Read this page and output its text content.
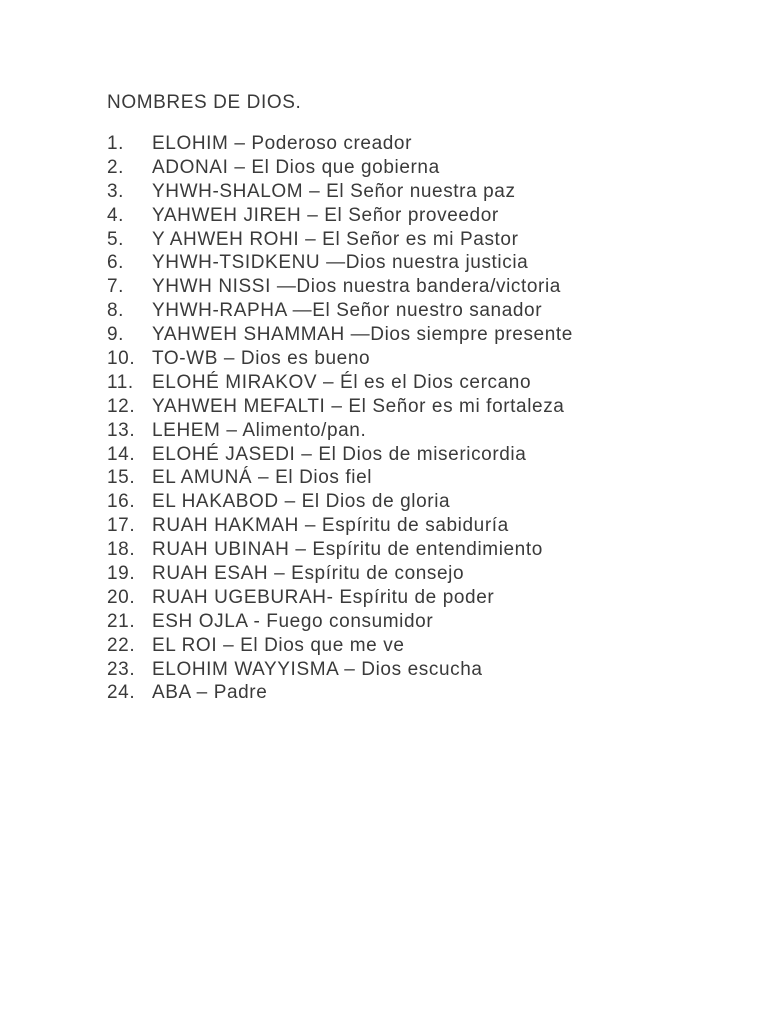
NOMBRES DE DIOS.
1.	ELOHIM – Poderoso creador
2.	ADONAI – El Dios que gobierna
3.	YHWH-SHALOM – El Señor nuestra paz
4.	YAHWEH JIREH – El Señor proveedor
5.	Y AHWEH ROHI – El Señor es mi Pastor
6.	YHWH-TSIDKENU —Dios nuestra justicia
7.	YHWH NISSI —Dios nuestra bandera/victoria
8.	YHWH-RAPHA —El Señor nuestro sanador
9.	YAHWEH SHAMMAH —Dios siempre presente
10. TO-WB – Dios es bueno
11. ELOHÉ MIRAKOV – Él es el Dios cercano
12. YAHWEH MEFALTI – El Señor es mi fortaleza
13. LEHEM – Alimento/pan.
14. ELOHÉ JASEDI – El Dios de misericordia
15. EL AMUNÁ – El Dios fiel
16. EL HAKABOD – El Dios de gloria
17. RUAH HAKMAH – Espíritu de sabiduría
18. RUAH UBINAH – Espíritu de entendimiento
19. RUAH ESAH – Espíritu de consejo
20. RUAH UGEBURAH- Espíritu de poder
21. ESH OJLA - Fuego consumidor
22. EL ROI – El Dios que me ve
23. ELOHIM WAYYISMA – Dios escucha
24. ABA – Padre
